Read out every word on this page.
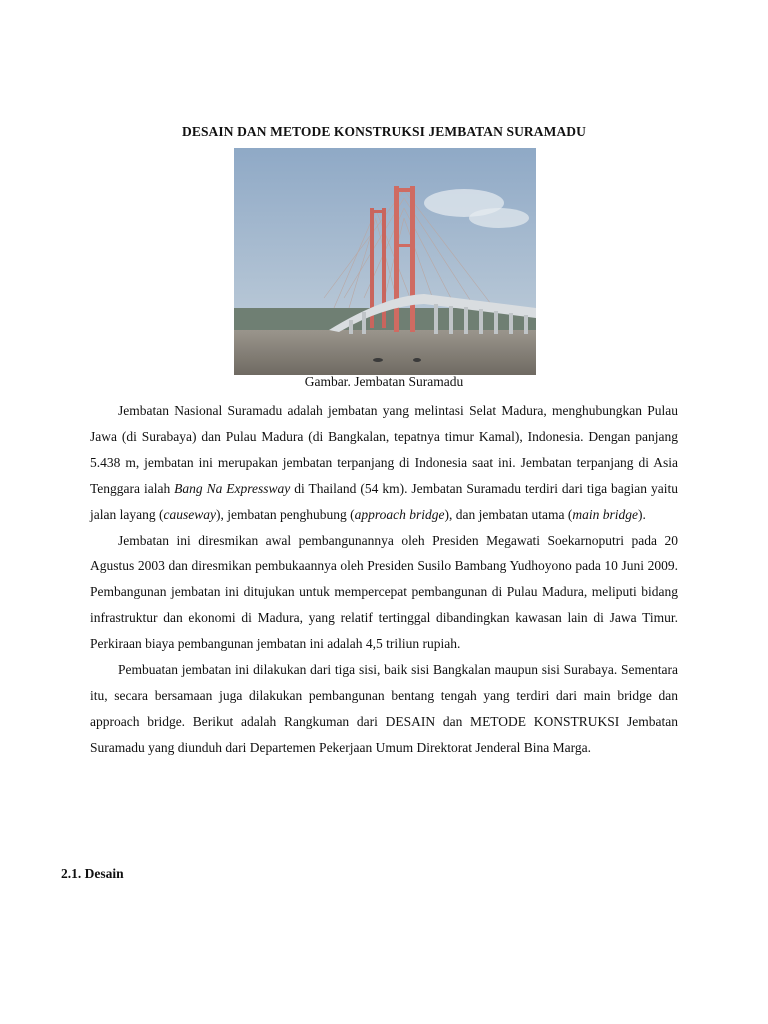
DESAIN DAN METODE KONSTRUKSI JEMBATAN SURAMADU
Gambar. Jembatan Suramadu

Jembatan Nasional Suramadu adalah jembatan yang melintasi Selat Madura, menghubungkan Pulau Jawa (di Surabaya) dan Pulau Madura (di Bangkalan, tepatnya timur Kamal), Indonesia. Dengan panjang 5.438 m, jembatan ini merupakan jembatan terpanjang di Indonesia saat ini. Jembatan terpanjang di Asia Tenggara ialah Bang Na Expressway di Thailand (54 km). Jembatan Suramadu terdiri dari tiga bagian yaitu jalan layang (causeway), jembatan penghubung (approach bridge), dan jembatan utama (main bridge).

Jembatan ini diresmikan awal pembangunannya oleh Presiden Megawati Soekarnoputri pada 20 Agustus 2003 dan diresmikan pembukaannya oleh Presiden Susilo Bambang Yudhoyono pada 10 Juni 2009. Pembangunan jembatan ini ditujukan untuk mempercepat pembangunan di Pulau Madura, meliputi bidang infrastruktur dan ekonomi di Madura, yang relatif tertinggal dibandingkan kawasan lain di Jawa Timur. Perkiraan biaya pembangunan jembatan ini adalah 4,5 triliun rupiah.

Pembuatan jembatan ini dilakukan dari tiga sisi, baik sisi Bangkalan maupun sisi Surabaya. Sementara itu, secara bersamaan juga dilakukan pembangunan bentang tengah yang terdiri dari main bridge dan approach bridge. Berikut adalah Rangkuman dari DESAIN dan METODE KONSTRUKSI Jembatan Suramadu yang diunduh dari Departemen Pekerjaan Umum Direktorat Jenderal Bina Marga.

2.1. Desain
